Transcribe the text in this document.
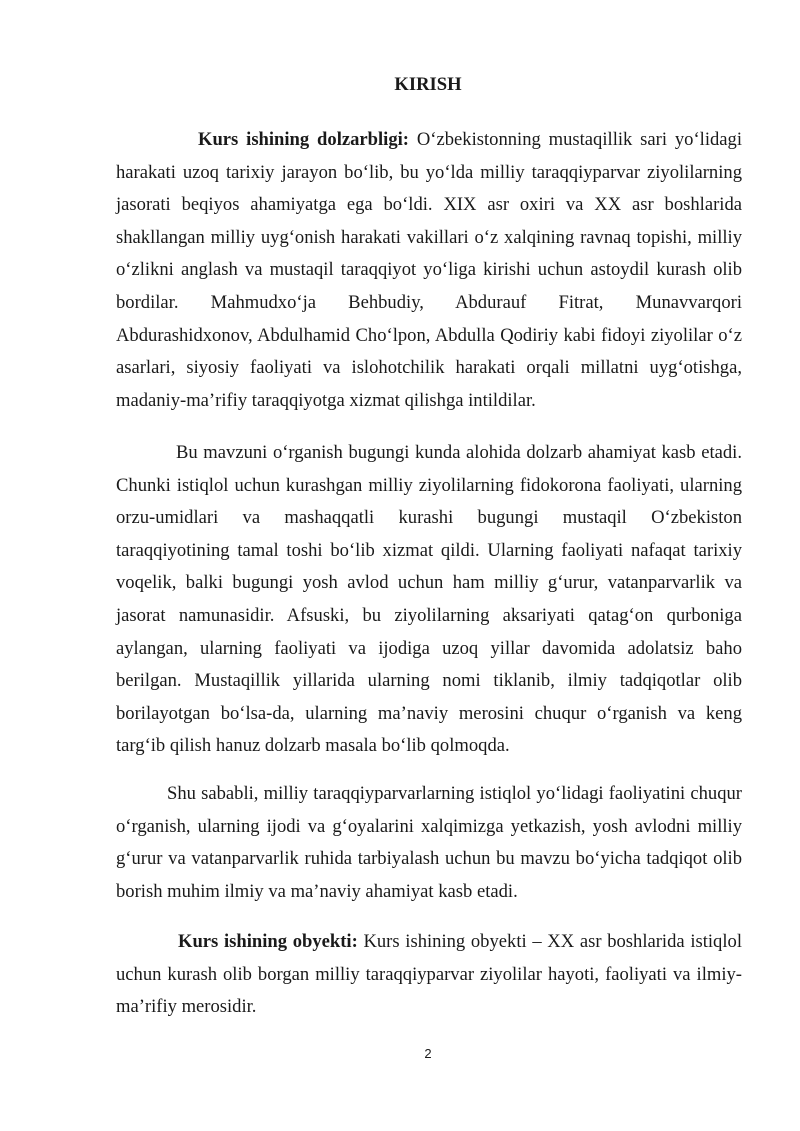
KIRISH

Kurs ishining dolzarbligi: O‘zbekistonning mustaqillik sari yo‘lidagi harakati uzoq tarixiy jarayon bo‘lib, bu yo‘lda milliy taraqqiyparvar ziyolilarning jasorati beqiyos ahamiyatga ega bo‘ldi. XIX asr oxiri va XX asr boshlarida shakllangan milliy uyg‘onish harakati vakillari o‘z xalqining ravnaq topishi, milliy o‘zlikni anglash va mustaqil taraqqiyot yo‘liga kirishi uchun astoydil kurash olib bordilar. Mahmudxo‘ja Behbudiy, Abdurauf Fitrat, Munavvarqori Abdurashidxonov, Abdulhamid Cho‘lpon, Abdulla Qodiriy kabi fidoyi ziyolilar o‘z asarlari, siyosiy faoliyati va islohotchilik harakati orqali millatni uyg‘otishga, madaniy-ma’rifiy taraqqiyotga xizmat qilishga intildilar.

Bu mavzuni o‘rganish bugungi kunda alohida dolzarb ahamiyat kasb etadi. Chunki istiqlol uchun kurashgan milliy ziyolilarning fidokorona faoliyati, ularning orzu-umidlari va mashaqqatli kurashi bugungi mustaqil O‘zbekiston taraqqiyotining tamal toshi bo‘lib xizmat qildi. Ularning faoliyati nafaqat tarixiy voqelik, balki bugungi yosh avlod uchun ham milliy g‘urur, vatanparvarlik va jasorat namunasidir. Afsuski, bu ziyolilarning aksariyati qatag‘on qurboniga aylangan, ularning faoliyati va ijodiga uzoq yillar davomida adolatsiz baho berilgan. Mustaqillik yillarida ularning nomi tiklanib, ilmiy tadqiqotlar olib borilayotgan bo‘lsa-da, ularning ma’naviy merosini chuqur o‘rganish va keng targ‘ib qilish hanuz dolzarb masala bo‘lib qolmoqda.

Shu sababli, milliy taraqqiyparvarlarning istiqlol yo‘lidagi faoliyatini chuqur o‘rganish, ularning ijodi va g‘oyalarini xalqimizga yetkazish, yosh avlodni milliy g‘urur va vatanparvarlik ruhida tarbiyalash uchun bu mavzu bo‘yicha tadqiqot olib borish muhim ilmiy va ma’naviy ahamiyat kasb etadi.

Kurs ishining obyekti: Kurs ishining obyekti – XX asr boshlarida istiqlol uchun kurash olib borgan milliy taraqqiyparvar ziyolilar hayoti, faoliyati va ilmiy-ma’rifiy merosidir.

2
